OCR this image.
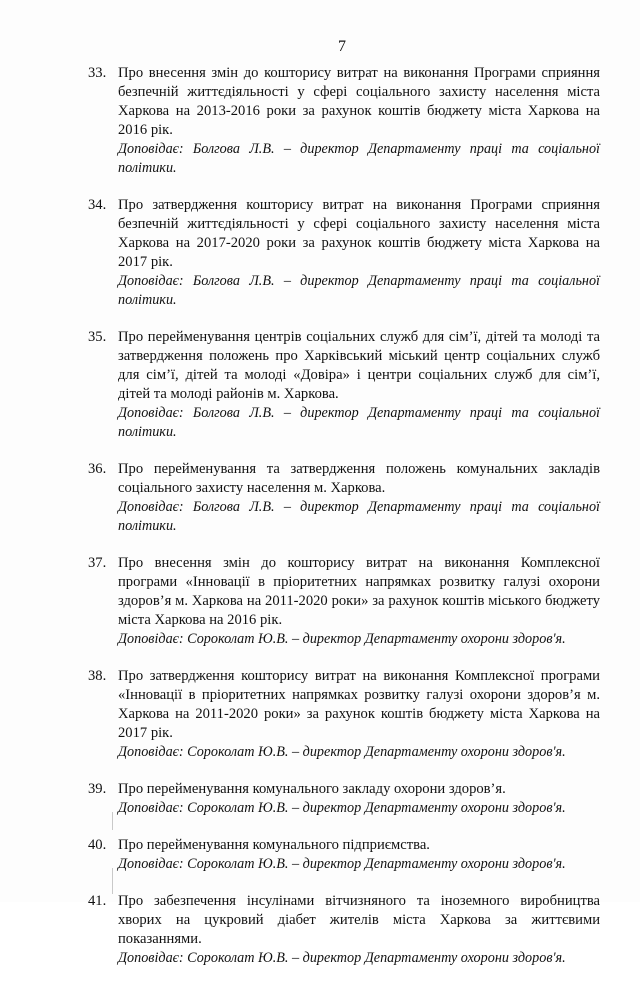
7
33. Про внесення змін до кошторису витрат на виконання Програми сприяння безпечній життєдіяльності у сфері соціального захисту населення міста Харкова на 2013-2016 роки за рахунок коштів бюджету міста Харкова на 2016 рік.
Доповідає: Болгова Л.В. – директор Департаменту праці та соціальної політики.
34. Про затвердження кошторису витрат на виконання Програми сприяння безпечній життєдіяльності у сфері соціального захисту населення міста Харкова на 2017-2020 роки за рахунок коштів бюджету міста Харкова на 2017 рік.
Доповідає: Болгова Л.В. – директор Департаменту праці та соціальної політики.
35. Про перейменування центрів соціальних служб для сім’ї, дітей та молоді та затвердження положень про Харківський міський центр соціальних служб для сім’ї, дітей та молоді «Довіра» і центри соціальних служб для сім’ї, дітей та молоді районів м. Харкова.
Доповідає: Болгова Л.В. – директор Департаменту праці та соціальної політики.
36. Про перейменування та затвердження положень комунальних закладів соціального захисту населення м. Харкова.
Доповідає: Болгова Л.В. – директор Департаменту праці та соціальної політики.
37. Про внесення змін до кошторису витрат на виконання Комплексної програми «Інновації в пріоритетних напрямках розвитку галузі охорони здоров’я м. Харкова на 2011-2020 роки» за рахунок коштів міського бюджету міста Харкова на 2016 рік.
Доповідає: Сороколат Ю.В. – директор Департаменту охорони здоров'я.
38. Про затвердження кошторису витрат на виконання Комплексної програми «Інновації в пріоритетних напрямках розвитку галузі охорони здоров’я м. Харкова на 2011-2020 роки» за рахунок коштів бюджету міста Харкова на 2017 рік.
Доповідає: Сороколат Ю.В. – директор Департаменту охорони здоров'я.
39. Про перейменування комунального закладу охорони здоров’я.
Доповідає: Сороколат Ю.В. – директор Департаменту охорони здоров'я.
40. Про перейменування комунального підприємства.
Доповідає: Сороколат Ю.В. – директор Департаменту охорони здоров'я.
41. Про забезпечення інсулінами вітчизняного та іноземного виробництва хворих на цукровий діабет жителів міста Харкова за життєвими показаннями.
Доповідає: Сороколат Ю.В. – директор Департаменту охорони здоров'я.
